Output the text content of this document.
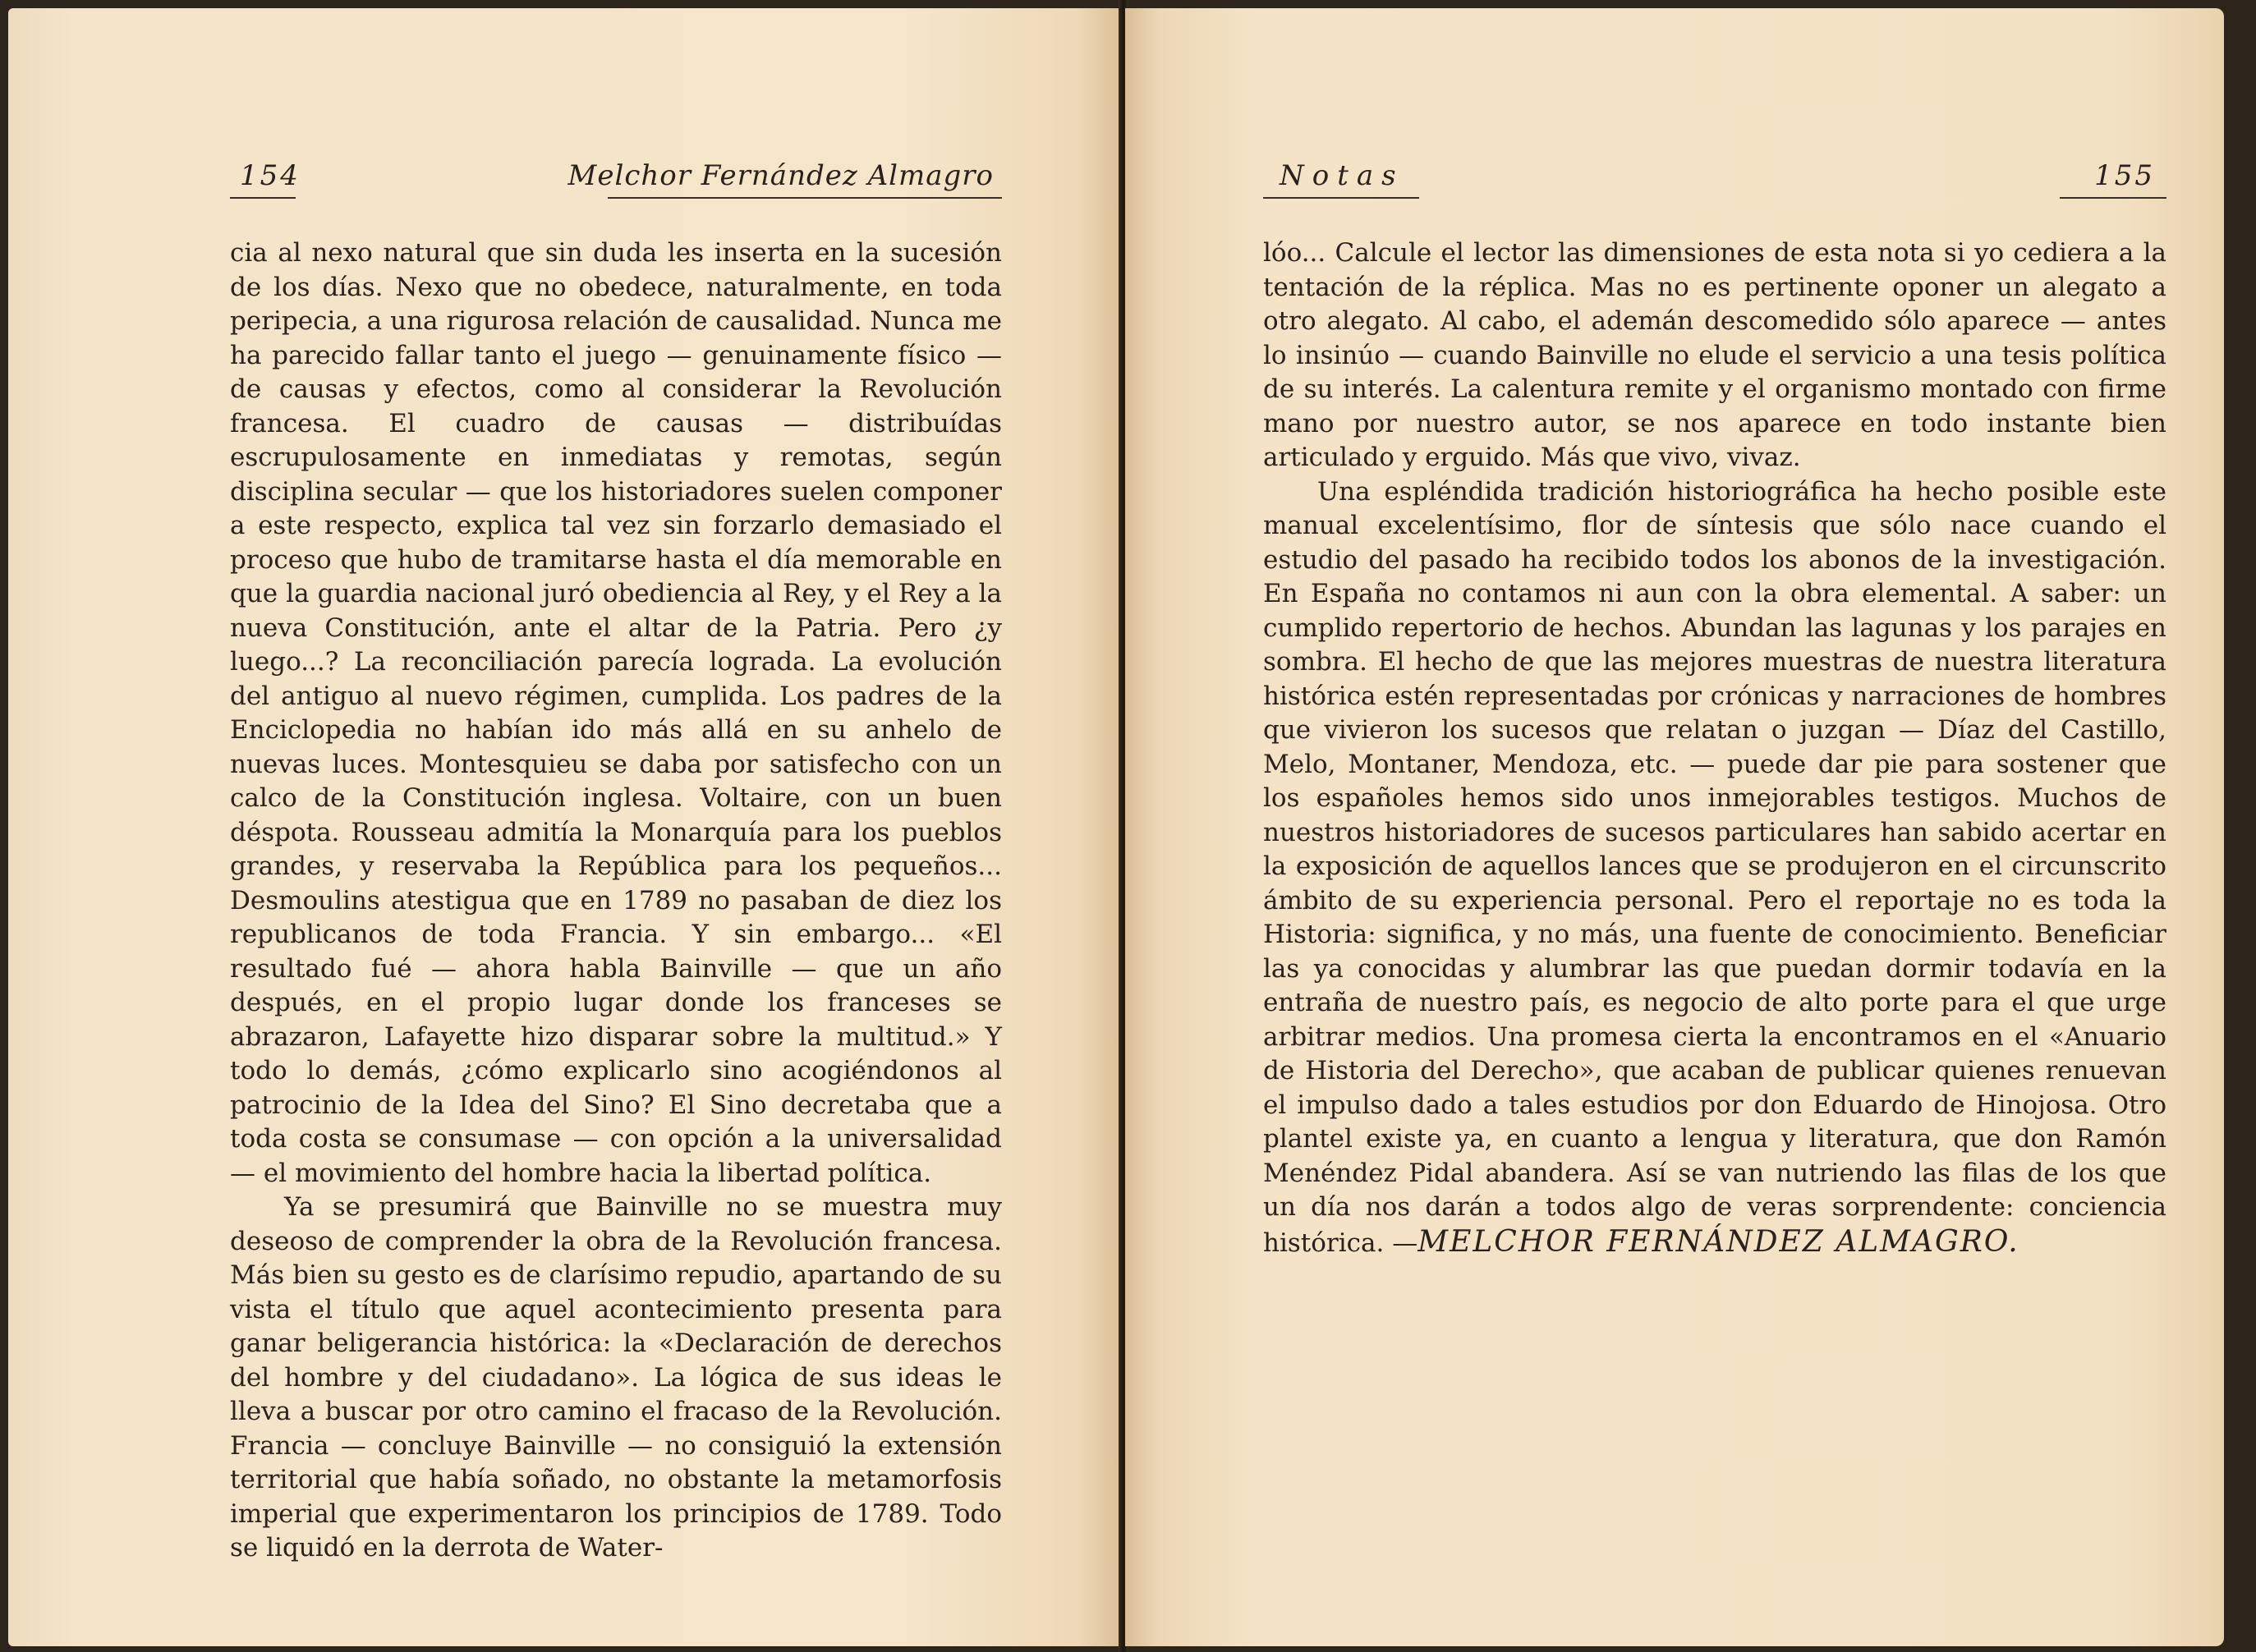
154	Melchor Fernández Almagro

cia al nexo natural que sin duda les inserta en la sucesión de los días. Nexo que no obedece, naturalmente, en toda peripecia, a una rigurosa relación de causalidad. Nunca me ha parecido fallar tanto el juego — genuinamente físico — de causas y efectos, como al considerar la Revolución francesa. El cuadro de causas — distribuídas escrupulosamente en inmediatas y remotas, según disciplina secular — que los historiadores suelen componer a este respecto, explica tal vez sin forzarlo demasiado el proceso que hubo de tramitarse hasta el día memorable en que la guardia nacional juró obediencia al Rey, y el Rey a la nueva Constitución, ante el altar de la Patria. Pero ¿y luego...? La reconciliación parecía lograda. La evolución del antiguo al nuevo régimen, cumplida. Los padres de la Enciclopedia no habían ido más allá en su anhelo de nuevas luces. Montesquieu se daba por satisfecho con un calco de la Constitución inglesa. Voltaire, con un buen déspota. Rousseau admitía la Monarquía para los pueblos grandes, y reservaba la República para los pequeños... Desmoulins atestigua que en 1789 no pasaban de diez los republicanos de toda Francia. Y sin embargo... «El resultado fué — ahora habla Bainville — que un año después, en el propio lugar donde los franceses se abrazaron, Lafayette hizo disparar sobre la multitud.» Y todo lo demás, ¿cómo explicarlo sino acogiéndonos al patrocinio de la Idea del Sino? El Sino decretaba que a toda costa se consumase — con opción a la universalidad — el movimiento del hombre hacia la libertad política.

Ya se presumirá que Bainville no se muestra muy deseoso de comprender la obra de la Revolución francesa. Más bien su gesto es de clarísimo repudio, apartando de su vista el título que aquel acontecimiento presenta para ganar beligerancia histórica: la «Declaración de derechos del hombre y del ciudadano». La lógica de sus ideas le lleva a buscar por otro camino el fracaso de la Revolución. Francia — concluye Bainville — no consiguió la extensión territorial que había soñado, no obstante la metamorfosis imperial que experimentaron los principios de 1789. Todo se liquidó en la derrota de Water-

Notas	155

lóo... Calcule el lector las dimensiones de esta nota si yo cediera a la tentación de la réplica. Mas no es pertinente oponer un alegato a otro alegato. Al cabo, el ademán descomedido sólo aparece — antes lo insinúo — cuando Bainville no elude el servicio a una tesis política de su interés. La calentura remite y el organismo montado con firme mano por nuestro autor, se nos aparece en todo instante bien articulado y erguido. Más que vivo, vivaz.

Una espléndida tradición historiográfica ha hecho posible este manual excelentísimo, flor de síntesis que sólo nace cuando el estudio del pasado ha recibido todos los abonos de la investigación. En España no contamos ni aun con la obra elemental. A saber: un cumplido repertorio de hechos. Abundan las lagunas y los parajes en sombra. El hecho de que las mejores muestras de nuestra literatura histórica estén representadas por crónicas y narraciones de hombres que vivieron los sucesos que relatan o juzgan — Díaz del Castillo, Melo, Montaner, Mendoza, etc. — puede dar pie para sostener que los españoles hemos sido unos inmejorables testigos. Muchos de nuestros historiadores de sucesos particulares han sabido acertar en la exposición de aquellos lances que se produjeron en el circunscrito ámbito de su experiencia personal. Pero el reportaje no es toda la Historia: significa, y no más, una fuente de conocimiento. Beneficiar las ya conocidas y alumbrar las que puedan dormir todavía en la entraña de nuestro país, es negocio de alto porte para el que urge arbitrar medios. Una promesa cierta la encontramos en el «Anuario de Historia del Derecho», que acaban de publicar quienes renuevan el impulso dado a tales estudios por don Eduardo de Hinojosa. Otro plantel existe ya, en cuanto a lengua y literatura, que don Ramón Menéndez Pidal abandera. Así se van nutriendo las filas de los que un día nos darán a todos algo de veras sorprendente: conciencia histórica. —MELCHOR FERNÁNDEZ ALMAGRO.
